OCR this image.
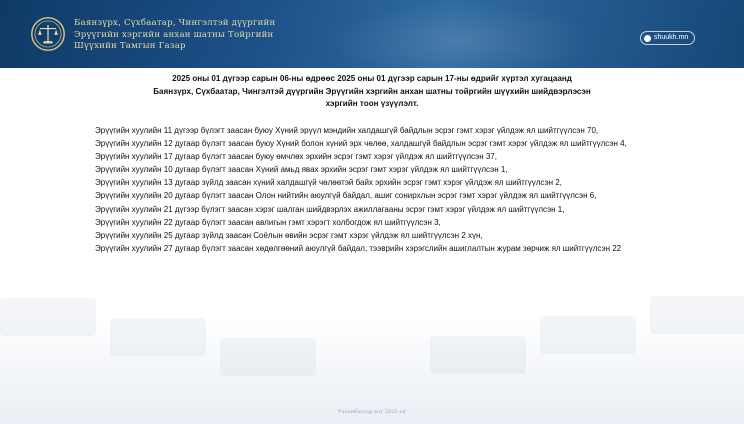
Баянзүрх, Сүхбаатар, Чингэлтэй дүүргийн
Эрүүгийн хэргийн анхан шатны Тойргийн
Шүүхийн Тамгын Газар
shuukh.mn
2025 оны 01 дүгээр сарын 06-ны өдрөөс 2025 оны 01 дүгээр сарын 17-ны өдрийг хүртэл хугацаанд
Баянзүрх, Сүхбаатар, Чингэлтэй дүүргийн Эрүүгийн хэргийн анхан шатны тойргийн шүүхийн шийдвэрлэсэн
хэргийн тоон үзүүлэлт.

Эрүүгийн хуулийн 11 дүгээр бүлэгт заасан буюу Хүний эрүүл мэндийн халдашгүй байдлын эсрэг гэмт хэрэг үйлдэж ял шийтгүүлсэн 70,

Эрүүгийн хуулийн 12 дугаар бүлэгт заасан буюу Хүний болон хүний эрх чөлөө, халдашгүй байдлын эсрэг гэмт хэрэг үйлдэж ял шийтгүүлсэн 4,

Эрүүгийн хуулийн 17 дугаар бүлэгт заасан буюу өмчлөх эрхийн эсрэг гэмт хэрэг үйлдэж ял шийтгүүлсэн 37,

Эрүүгийн хуулийн 10 дугаар бүлэгт заасан Хүний амьд явах эрхийн эсрэг гэмт хэрэг үйлдэж ял шийтгүүлсэн 1,

Эрүүгийн хуулийн 13 дугаар зүйлд заасан хүний халдашгүй чөлөөтэй байх эрхийн эсрэг гэмт хэрэг үйлдэж ял шийтгүүлсэн 2,

Эрүүгийн хуулийн 20 дугаар бүлэгт заасан Олон нийтийн аюулгүй байдал, ашиг сонирхлын эсрэг гэмт хэрэг үйлдэж ял шийтгүүлсэн 6,

Эрүүгийн хуулийн 21 дүгээр бүлэгт заасан хэрэг шалган шийдвэрлэх ажиллагааны эсрэг гэмт хэрэг үйлдэж ял шийтгүүлсэн 1,

Эрүүгийн хуулийн 22 дугаар бүлэгт заасан авлигын гэмт хэрэгт холбогдож ял шийтгүүлсэн 3,

Эрүүгийн хуулийн 25 дугаар зүйлд заасан Соёлын өвийн эсрэг гэмт хэрэг үйлдэж ял шийтгүүлсэн 2 хүн,

Эрүүгийн хуулийн 27 дугаар бүлэгт заасан хөдөлгөөний аюулгүй байдал, тээврийн хэрэгслийн ашиглалтын журам зөрчиж ял шийтгүүлсэн 22

Улаанбаатар хот 2025 он
